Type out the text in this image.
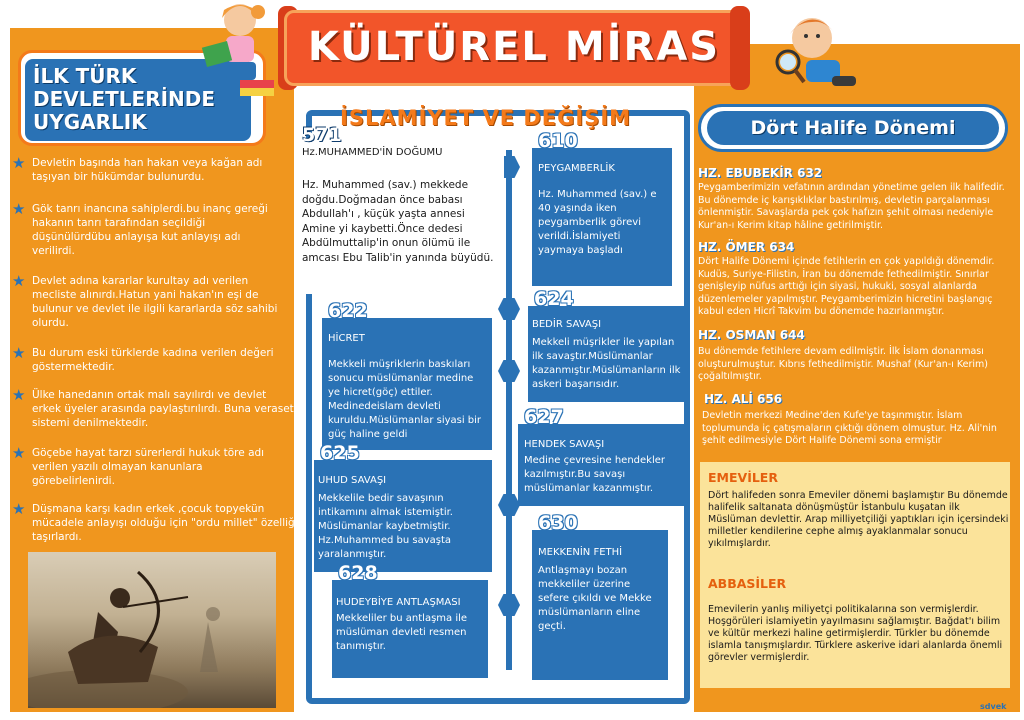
İLK TÜRK
DEVLETLERİNDE
UYGARLIK
★ Devletin başında han hakan veya kağan adı taşıyan bir hükümdar bulunurdu.
★ Gök tanrı inancına sahiplerdi.bu inanç gereği hakanın tanrı tarafından seçildiği düşünülürdübu anlayışa kut anlayışı adı verilirdi.
★ Devlet adına kararlar kurultay adı verilen mecliste alınırdı.Hatun yani hakan'ın eşi de bulunur ve devlet ile ilgili kararlarda söz sahibi olurdu.
★ Bu durum eski türklerde kadına verilen değeri göstermektedir.
★ Ülke hanedanın ortak malı sayılırdı ve devlet erkek üyeler arasında paylaştırılırdı. Buna veraset sistemi denilmektedir.
★ Göçebe hayat tarzı sürerlerdi hukuk töre adı verilen yazılı olmayan kanunlara görebelirlenirdi.
★ Düşmana karşı kadın erkek ,çocuk topyekün mücadele anlayışı olduğu için "ordu millet" özelliği taşırlardı.
İSLAMİYET VE DEĞİŞİM
571
Hz.MUHAMMED'İN DOĞUMU
Hz. Muhammed (sav.) mekkede doğdu.Doğmadan önce babası Abdullah'ı , küçük yaşta annesi Amine yi kaybetti.Önce dedesi Abdülmuttalip'in onun ölümü ile amcası Ebu Talib'in yanında büyüdü.
610
PEYGAMBERLİK
Hz. Muhammed (sav.) e 40 yaşında iken peygamberlik görevi verildi.İslamiyeti yaymaya başladı
622
HİCRET
Mekkeli müşriklerin baskıları sonucu müslümanlar medine ye hicret(göç) ettiler. Medinedeislam devleti kuruldu.Müslümanlar siyasi bir güç haline geldi
624
BEDİR SAVAŞI
Mekkeli müşrikler ile yapılan ilk savaştır.Müslümanlar kazanmıştır.Müslümanların ilk askeri başarısıdır.
625
UHUD SAVAŞI
Mekkelile bedir savaşının intikamını almak istemiştir. Müslümanlar kaybetmiştir. Hz.Muhammed bu savaşta yaralanmıştır.
627
HENDEK SAVAŞI
Medine çevresine hendekler kazılmıştır.Bu savaşı müslümanlar kazanmıştır.
628
HUDEYBİYE ANTLAŞMASI
Mekkeliler bu antlaşma ile müslüman devleti resmen tanımıştır.
630
MEKKENİN FETHİ
Antlaşmayı bozan mekkeliler üzerine sefere çıkıldı ve Mekke müslümanların eline geçti.
Dört Halife Dönemi
HZ. EBUBEKİR 632
Peygamberimizin vefatının ardından yönetime gelen ilk halifedir. Bu dönemde iç karışıklıklar bastırılmış, devletin parçalanması önlenmiştir. Savaşlarda pek çok hafızın şehit olması nedeniyle Kur'an-ı Kerim kitap hâline getirilmiştir.
HZ. ÖMER 634
Dört Halife Dönemi içinde fetihlerin en çok yapıldığı dönemdir. Kudüs, Suriye-Filistin, İran bu dönemde fethedilmiştir. Sınırlar genişleyip nüfus arttığı için siyasi, hukuki, sosyal alanlarda düzenlemeler yapılmıştır. Peygamberimizin hicretini başlangıç kabul eden Hicrî Takvim bu dönemde hazırlanmıştır.
HZ. OSMAN 644
Bu dönemde fetihlere devam edilmiştir. İlk İslam donanması oluşturulmuştur. Kıbrıs fethedilmiştir. Mushaf (Kur'an-ı Kerim) çoğaltılmıştır.
HZ. ALİ 656
Devletin merkezi Medine'den Kufe'ye taşınmıştır. İslam toplumunda iç çatışmaların çıktığı dönem olmuştur. Hz. Ali'nin şehit edilmesiyle Dört Halife Dönemi sona ermiştir
EMEVİLER
Dört halifeden sonra Emeviler dönemi başlamıştır Bu dönemde halifelik saltanata dönüşmüştür İstanbulu kuşatan ilk Müslüman devlettir. Arap milliyetçiliği yaptıkları için içersindeki milletler kendilerine cephe almış ayaklanmalar sonucu yıkılmışlardır.
ABBASİLER
Emevilerin yanlış miliyetçi politikalarına son vermişlerdir. Hoşgörüleri islamiyetin yayılmasını sağlamıştır. Bağdat'ı bilim ve kültür merkezi haline getirmişlerdir. Türkler bu dönemde islamla tanışmışlardır. Türklere askerive idari alanlarda önemli görevler vermişlerdir.
KÜLTÜREL MİRAS
sdvek
